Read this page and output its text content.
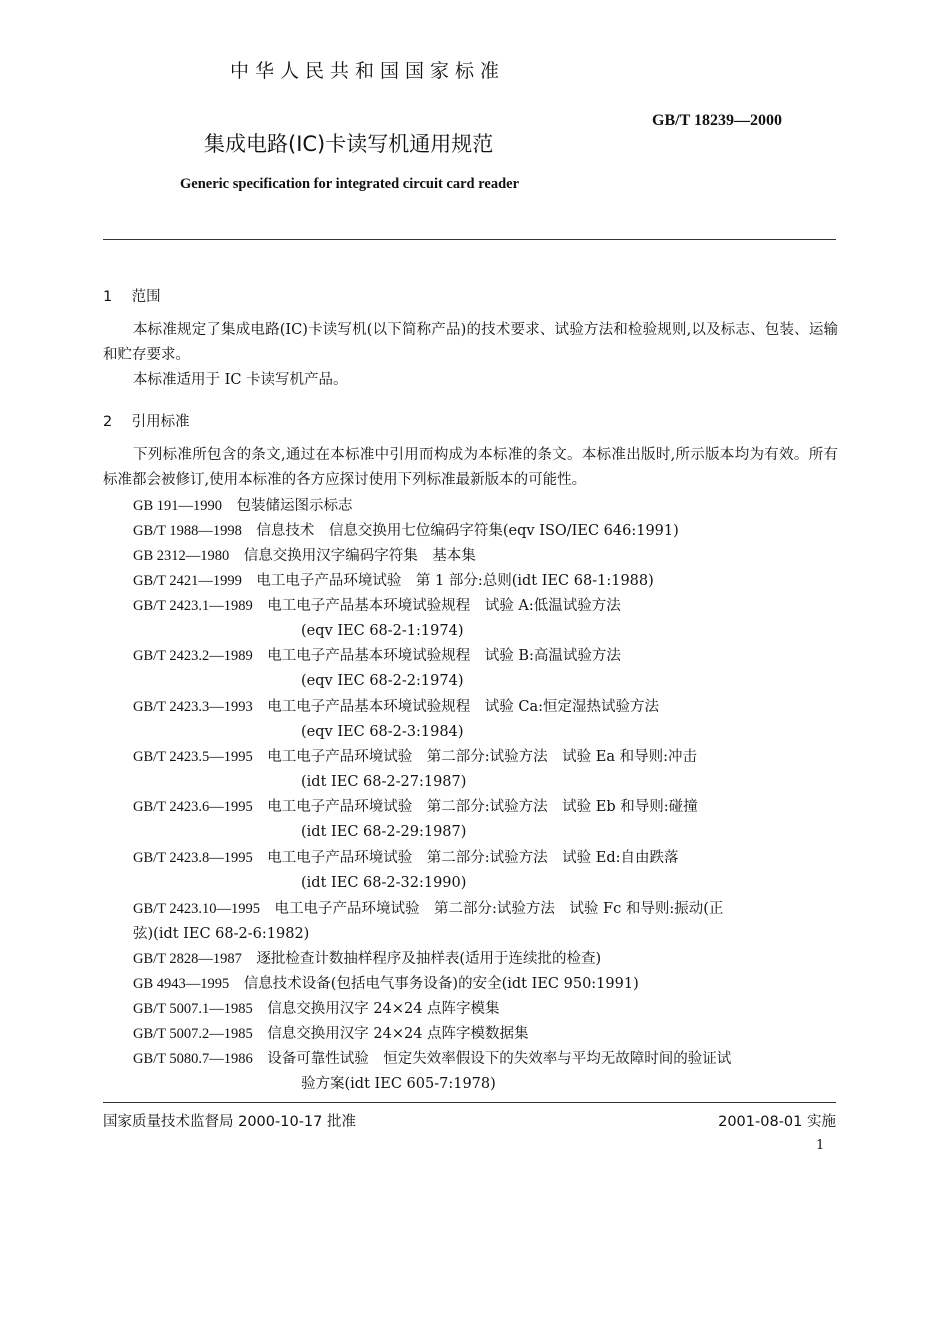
中华人民共和国国家标准
GB/T 18239—2000
集成电路(IC)卡读写机通用规范
Generic specification for integrated circuit card reader
1 范围
本标准规定了集成电路(IC)卡读写机(以下简称产品)的技术要求、试验方法和检验规则,以及标志、包装、运输和贮存要求。
本标准适用于 IC 卡读写机产品。
2 引用标准
下列标准所包含的条文,通过在本标准中引用而构成为本标准的条文。本标准出版时,所示版本均为有效。所有标准都会被修订,使用本标准的各方应探讨使用下列标准最新版本的可能性。
GB 191—1990　 包装储运图示标志
GB/T 1988—1998　 信息技术　信息交换用七位编码字符集(eqv ISO/IEC 646:1991)
GB 2312—1980　 信息交换用汉字编码字符集　基本集
GB/T 2421—1999　 电工电子产品环境试验　第 1 部分:总则(idt IEC 68-1:1988)
GB/T 2423.1—1989　 电工电子产品基本环境试验规程　试验 A:低温试验方法
(eqv IEC 68-2-1:1974)
GB/T 2423.2—1989　 电工电子产品基本环境试验规程　试验 B:高温试验方法
(eqv IEC 68-2-2:1974)
GB/T 2423.3—1993　 电工电子产品基本环境试验规程　试验 Ca:恒定湿热试验方法
(eqv IEC 68-2-3:1984)
GB/T 2423.5—1995　 电工电子产品环境试验　第二部分:试验方法　试验 Ea 和导则:冲击
(idt IEC 68-2-27:1987)
GB/T 2423.6—1995　 电工电子产品环境试验　第二部分:试验方法　试验 Eb 和导则:碰撞
(idt IEC 68-2-29:1987)
GB/T 2423.8—1995　 电工电子产品环境试验　第二部分:试验方法　试验 Ed:自由跌落
(idt IEC 68-2-32:1990)
GB/T 2423.10—1995　 电工电子产品环境试验　第二部分:试验方法　试验 Fc 和导则:振动(正
弦)(idt IEC 68-2-6:1982)
GB/T 2828—1987　 逐批检查计数抽样程序及抽样表(适用于连续批的检查)
GB 4943—1995　 信息技术设备(包括电气事务设备)的安全(idt IEC 950:1991)
GB/T 5007.1—1985　 信息交换用汉字 24×24 点阵字模集
GB/T 5007.2—1985　 信息交换用汉字 24×24 点阵字模数据集
GB/T 5080.7—1986　 设备可靠性试验　恒定失效率假设下的失效率与平均无故障时间的验证试
验方案(idt IEC 605-7:1978)
国家质量技术监督局 2000-10-17 批准	2001-08-01 实施
1
